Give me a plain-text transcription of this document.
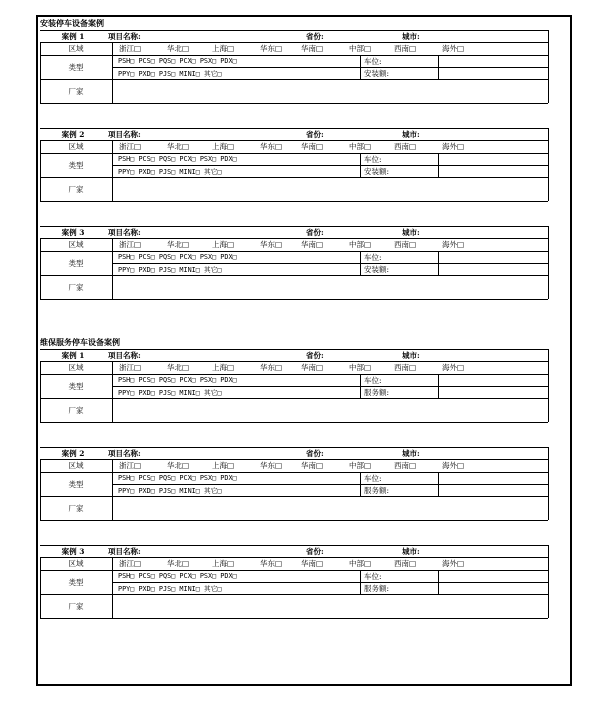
安装停车设备案例
案例 1	项目名称:	省份:	城市:
区域	浙江□	华北□	上海□	华东□	华南□	中部□	西南□	海外□
类型
PSH□ PCS□ PQS□ PCX□ PSX□ PDX□	车位:
PPY□ PXD□ PJS□ MINI□ 其它□	安装额:
厂家
案例 2	项目名称:	省份:	城市:
区域	浙江□	华北□	上海□	华东□	华南□	中部□	西南□	海外□
类型
PSH□ PCS□ PQS□ PCX□ PSX□ PDX□	车位:
PPY□ PXD□ PJS□ MINI□ 其它□	安装额:
厂家
案例 3	项目名称:	省份:	城市:
区域	浙江□	华北□	上海□	华东□	华南□	中部□	西南□	海外□
类型
PSH□ PCS□ PQS□ PCX□ PSX□ PDX□	车位:
PPY□ PXD□ PJS□ MINI□ 其它□	安装额:
厂家
维保服务停车设备案例
案例 1	项目名称:	省份:	城市:
区域	浙江□	华北□	上海□	华东□	华南□	中部□	西南□	海外□
类型
PSH□ PCS□ PQS□ PCX□ PSX□ PDX□	车位:
PPY□ PXD□ PJS□ MINI□ 其它□	服务额:
厂家
案例 2	项目名称:	省份:	城市:
区域	浙江□	华北□	上海□	华东□	华南□	中部□	西南□	海外□
类型
PSH□ PCS□ PQS□ PCX□ PSX□ PDX□	车位:
PPY□ PXD□ PJS□ MINI□ 其它□	服务额:
厂家
案例 3	项目名称:	省份:	城市:
区域	浙江□	华北□	上海□	华东□	华南□	中部□	西南□	海外□
类型
PSH□ PCS□ PQS□ PCX□ PSX□ PDX□	车位:
PPY□ PXD□ PJS□ MINI□ 其它□	服务额:
厂家
